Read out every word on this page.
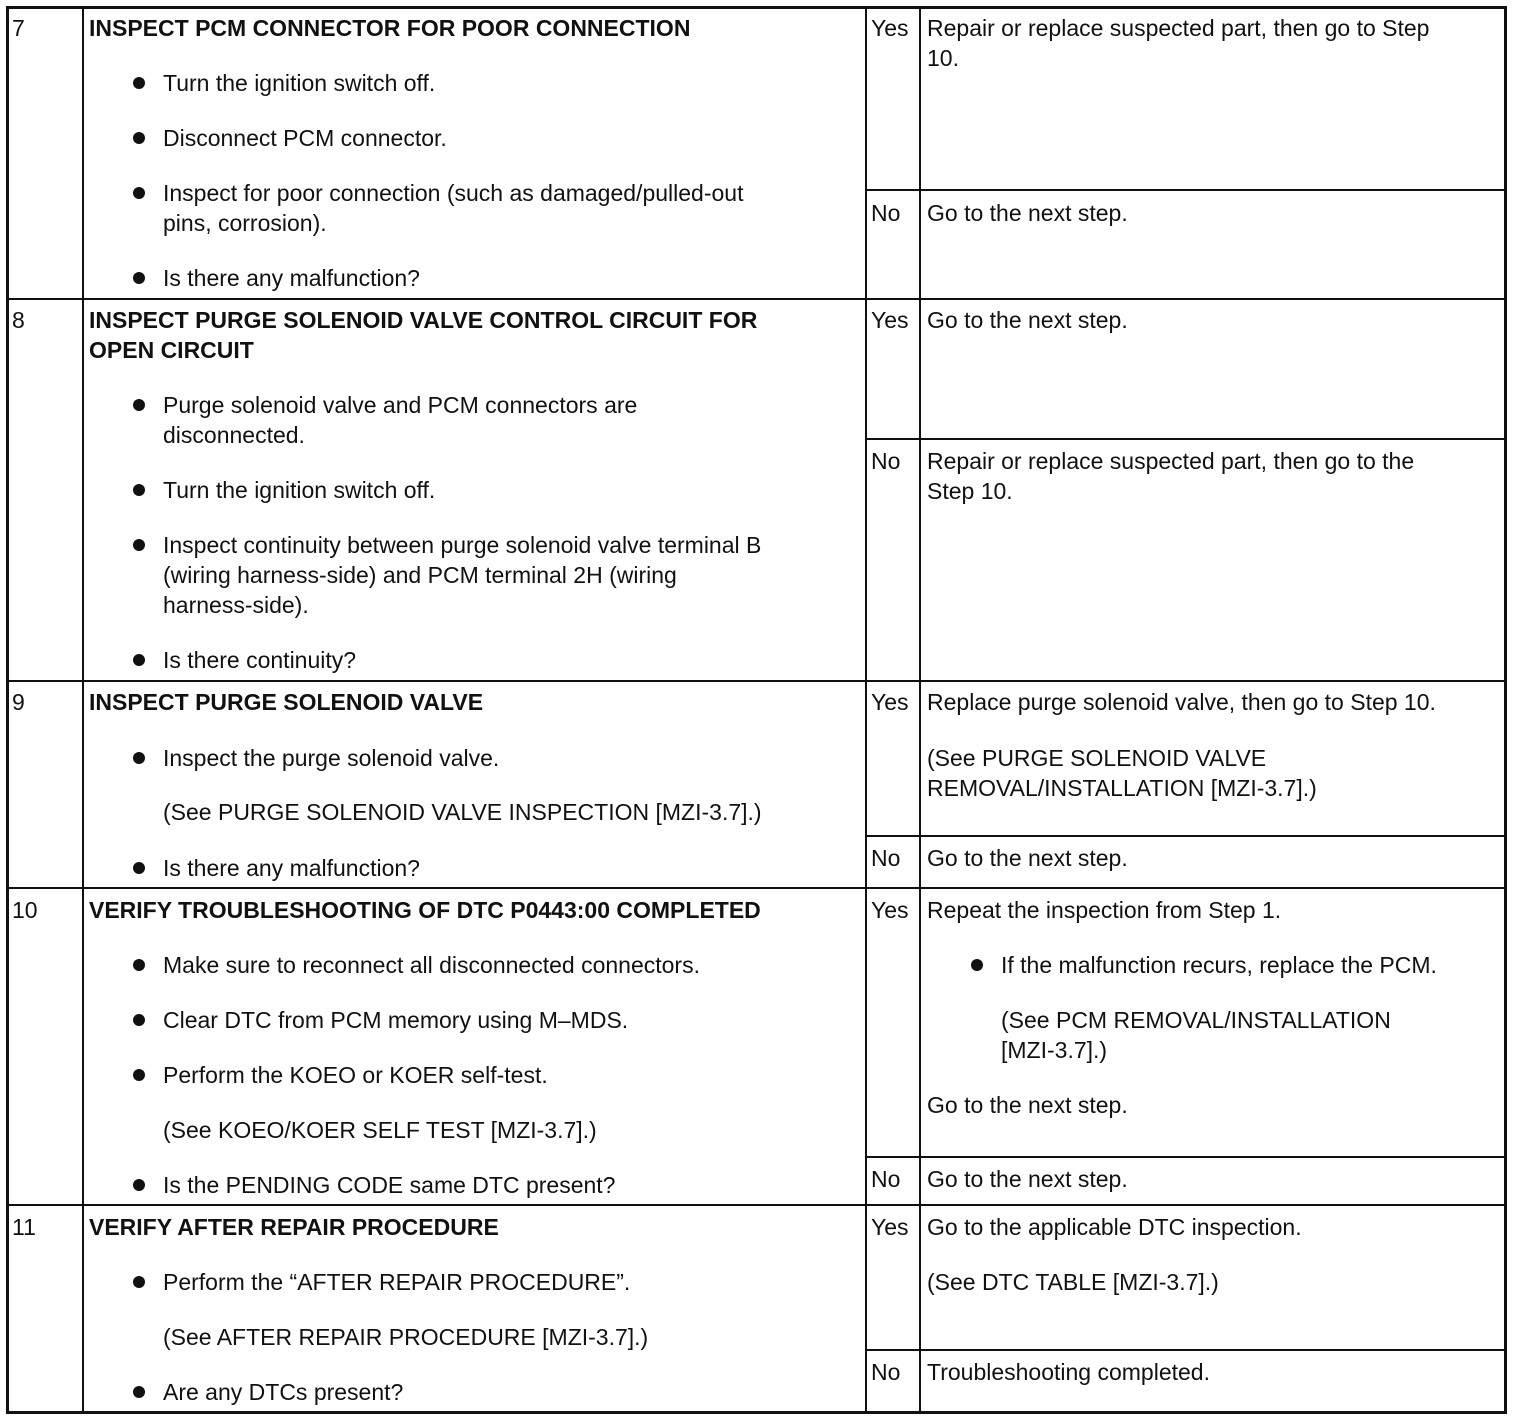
7	INSPECT PCM CONNECTOR FOR POOR CONNECTION
Turn the ignition switch off.
Disconnect PCM connector.
Inspect for poor connection (such as damaged/pulled-out
pins, corrosion).
Is there any malfunction?
Yes Repair or replace suspected part, then go to Step
10.
No Go to the next step.
8	INSPECT PURGE SOLENOID VALVE CONTROL CIRCUIT FOR
OPEN CIRCUIT
Purge solenoid valve and PCM connectors are
disconnected.
Turn the ignition switch off.
Inspect continuity between purge solenoid valve terminal B
(wiring harness-side) and PCM terminal 2H (wiring
harness-side).
Is there continuity?
Yes Go to the next step.
No Repair or replace suspected part, then go to the
Step 10.
9	INSPECT PURGE SOLENOID VALVE
Inspect the purge solenoid valve.
(See PURGE SOLENOID VALVE INSPECTION [MZI-3.7].)
Is there any malfunction?
Yes Replace purge solenoid valve, then go to Step 10.
(See PURGE SOLENOID VALVE
REMOVAL/INSTALLATION [MZI-3.7].)
No Go to the next step.
10 VERIFY TROUBLESHOOTING OF DTC P0443:00 COMPLETED
Make sure to reconnect all disconnected connectors.
Clear DTC from PCM memory using M–MDS.
Perform the KOEO or KOER self-test.
(See KOEO/KOER SELF TEST [MZI-3.7].)
Is the PENDING CODE same DTC present?
Yes Repeat the inspection from Step 1.
If the malfunction recurs, replace the PCM.
(See PCM REMOVAL/INSTALLATION
[MZI-3.7].)
Go to the next step.
No Go to the next step.
11 VERIFY AFTER REPAIR PROCEDURE
Perform the “AFTER REPAIR PROCEDURE”.
(See AFTER REPAIR PROCEDURE [MZI-3.7].)
Are any DTCs present?
Yes Go to the applicable DTC inspection.
(See DTC TABLE [MZI-3.7].)
No Troubleshooting completed.
